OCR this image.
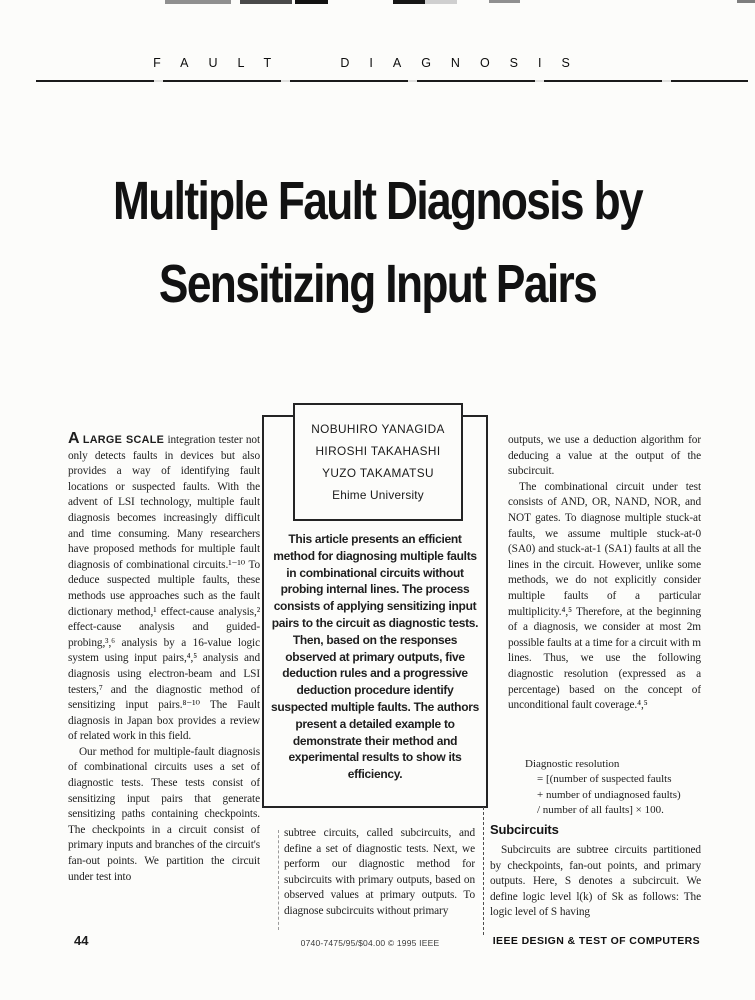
FAULT DIAGNOSIS
Multiple Fault Diagnosis by
Sensitizing Input Pairs
NOBUHIRO YANAGIDA
HIROSHI TAKAHASHI
YUZO TAKAMATSU
Ehime University
This article presents an efficient method for diagnosing multiple faults in combinational circuits without probing internal lines. The process consists of applying sensitizing input pairs to the circuit as diagnostic tests. Then, based on the responses observed at primary outputs, five deduction rules and a progressive deduction procedure identify suspected multiple faults. The authors present a detailed example to demonstrate their method and experimental results to show its efficiency.

A LARGE SCALE integration tester not only detects faults in devices but also provides a way of identifying fault locations or suspected faults. With the advent of LSI technology, multiple fault diagnosis becomes increasingly difficult and time consuming. Many researchers have proposed methods for multiple fault diagnosis of combinational circuits.¹⁻¹⁰ To deduce suspected multiple faults, these methods use approaches such as the fault dictionary method,¹ effect-cause analysis,² effect-cause analysis and guided-probing,³,⁶ analysis by a 16-value logic system using input pairs,⁴,⁵ analysis and diagnosis using electron-beam and LSI testers,⁷ and the diagnostic method of sensitizing input pairs.⁸⁻¹⁰ The Fault diagnosis in Japan box provides a review of related work in this field.

Our method for multiple-fault diagnosis of combinational circuits uses a set of diagnostic tests. These tests consist of sensitizing input pairs that generate sensitizing paths containing checkpoints. The checkpoints in a circuit consist of primary inputs and branches of the circuit's fan-out points. We partition the circuit under test into

subtree circuits, called subcircuits, and define a set of diagnostic tests. Next, we perform our diagnostic method for subcircuits with primary outputs, based on observed values at primary outputs. To diagnose subcircuits without primary

outputs, we use a deduction algorithm for deducing a value at the output of the subcircuit.

The combinational circuit under test consists of AND, OR, NAND, NOR, and NOT gates. To diagnose multiple stuck-at faults, we assume multiple stuck-at-0 (SA0) and stuck-at-1 (SA1) faults at all the lines in the circuit. However, unlike some methods, we do not explicitly consider multiple faults of a particular multiplicity.⁴,⁵ Therefore, at the beginning of a diagnosis, we consider at most 2m possible faults at a time for a circuit with m lines. Thus, we use the following diagnostic resolution (expressed as a percentage) based on the concept of unconditional fault coverage.⁴,⁵

Diagnostic resolution
= [(number of suspected faults
+ number of undiagnosed faults)
/ number of all faults] × 100.
Subcircuits

Subcircuits are subtree circuits partitioned by checkpoints, fan-out points, and primary outputs. Here, S denotes a subcircuit. We define logic level l(k) of Sk as follows: The logic level of S having

44	0740-7475/95/$04.00 © 1995 IEEE	IEEE DESIGN & TEST OF COMPUTERS
